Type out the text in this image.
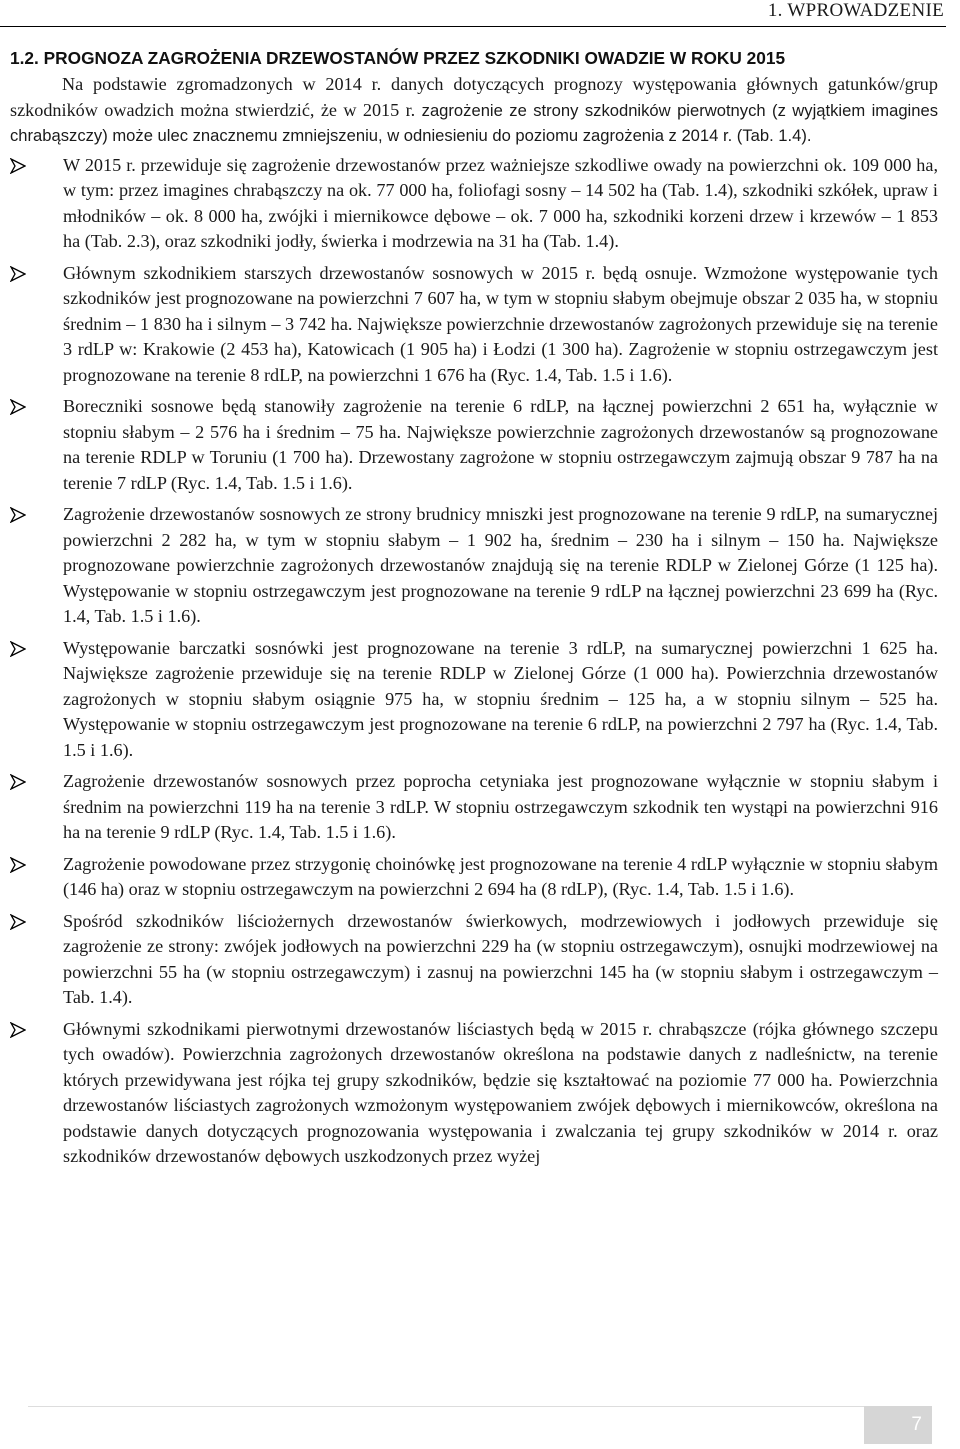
1. WPROWADZENIE
1.2. PROGNOZA ZAGROŻENIA DRZEWOSTANÓW PRZEZ SZKODNIKI OWADZIE W ROKU 2015

Na podstawie zgromadzonych w 2014 r. danych dotyczących prognozy występowania głównych gatunków/grup szkodników owadzich można stwierdzić, że w 2015 r. zagrożenie ze strony szkodników pierwotnych (z wyjątkiem imagines chrabąszczy) może ulec znacznemu zmniejszeniu, w odniesieniu do poziomu zagrożenia z 2014 r. (Tab. 1.4).

W 2015 r. przewiduje się zagrożenie drzewostanów przez ważniejsze szkodliwe owady na powierzchni ok. 109 000 ha, w tym: przez imagines chrabąszczy na ok. 77 000 ha, foliofagi sosny – 14 502 ha (Tab. 1.4), szkodniki szkółek, upraw i młodników – ok. 8 000 ha, zwójki i miernikowce dębowe – ok. 7 000 ha, szkodniki korzeni drzew i krzewów – 1 853 ha (Tab. 2.3), oraz szkodniki jodły, świerka i modrzewia na 31 ha (Tab. 1.4).
Głównym szkodnikiem starszych drzewostanów sosnowych w 2015 r. będą osnuje. Wzmożone występowanie tych szkodników jest prognozowane na powierzchni 7 607 ha, w tym w stopniu słabym obejmuje obszar 2 035 ha, w stopniu średnim – 1 830 ha i silnym – 3 742 ha. Największe powierzchnie drzewostanów zagrożonych przewiduje się na terenie 3 rdLP w: Krakowie (2 453 ha), Katowicach (1 905 ha) i Łodzi (1 300 ha). Zagrożenie w stopniu ostrzegawczym jest prognozowane na terenie 8 rdLP, na powierzchni 1 676 ha (Ryc. 1.4, Tab. 1.5 i 1.6).
Boreczniki sosnowe będą stanowiły zagrożenie na terenie 6 rdLP, na łącznej powierzchni 2 651 ha, wyłącznie w stopniu słabym – 2 576 ha i średnim – 75 ha. Największe powierzchnie zagrożonych drzewostanów są prognozowane na terenie RDLP w Toruniu (1 700 ha). Drzewostany zagrożone w stopniu ostrzegawczym zajmują obszar 9 787 ha na terenie 7 rdLP (Ryc. 1.4, Tab. 1.5 i 1.6).
Zagrożenie drzewostanów sosnowych ze strony brudnicy mniszki jest prognozowane na terenie 9 rdLP, na sumarycznej powierzchni 2 282 ha, w tym w stopniu słabym – 1 902 ha, średnim – 230 ha i silnym – 150 ha. Największe prognozowane powierzchnie zagrożonych drzewostanów znajdują się na terenie RDLP w Zielonej Górze (1 125 ha). Występowanie w stopniu ostrzegawczym jest prognozowane na terenie 9 rdLP na łącznej powierzchni 23 699 ha (Ryc. 1.4, Tab. 1.5 i 1.6).
Występowanie barczatki sosnówki jest prognozowane na terenie 3 rdLP, na sumarycznej powierzchni 1 625 ha. Największe zagrożenie przewiduje się na terenie RDLP w Zielonej Górze (1 000 ha). Powierzchnia drzewostanów zagrożonych w stopniu słabym osiągnie 975 ha, w stopniu średnim – 125 ha, a w stopniu silnym – 525 ha. Występowanie w stopniu ostrzegawczym jest prognozowane na terenie 6 rdLP, na powierzchni 2 797 ha (Ryc. 1.4, Tab. 1.5 i 1.6).
Zagrożenie drzewostanów sosnowych przez poprocha cetyniaka jest prognozowane wyłącznie w stopniu słabym i średnim na powierzchni 119 ha na terenie 3 rdLP. W stopniu ostrzegawczym szkodnik ten wystąpi na powierzchni 916 ha na terenie 9 rdLP (Ryc. 1.4, Tab. 1.5 i 1.6).
Zagrożenie powodowane przez strzygonię choinówkę jest prognozowane na terenie 4 rdLP wyłącznie w stopniu słabym (146 ha) oraz w stopniu ostrzegawczym na powierzchni 2 694 ha (8 rdLP), (Ryc. 1.4, Tab. 1.5 i 1.6).
Spośród szkodników liściożernych drzewostanów świerkowych, modrzewiowych i jodłowych przewiduje się zagrożenie ze strony: zwójek jodłowych na powierzchni 229 ha (w stopniu ostrzegawczym), osnujki modrzewiowej na powierzchni 55 ha (w stopniu ostrzegawczym) i zasnuj na powierzchni 145 ha (w stopniu słabym i ostrzegawczym – Tab. 1.4).
Głównymi szkodnikami pierwotnymi drzewostanów liściastych będą w 2015 r. chrabąszcze (rójka głównego szczepu tych owadów). Powierzchnia zagrożonych drzewostanów określona na podstawie danych z nadleśnictw, na terenie których przewidywana jest rójka tej grupy szkodników, będzie się kształtować na poziomie 77 000 ha. Powierzchnia drzewostanów liściastych zagrożonych wzmożonym występowaniem zwójek dębowych i miernikowców, określona na podstawie danych dotyczących prognozowania występowania i zwalczania tej grupy szkodników w 2014 r. oraz szkodników drzewostanów dębowych uszkodzonych przez wyżej
7
